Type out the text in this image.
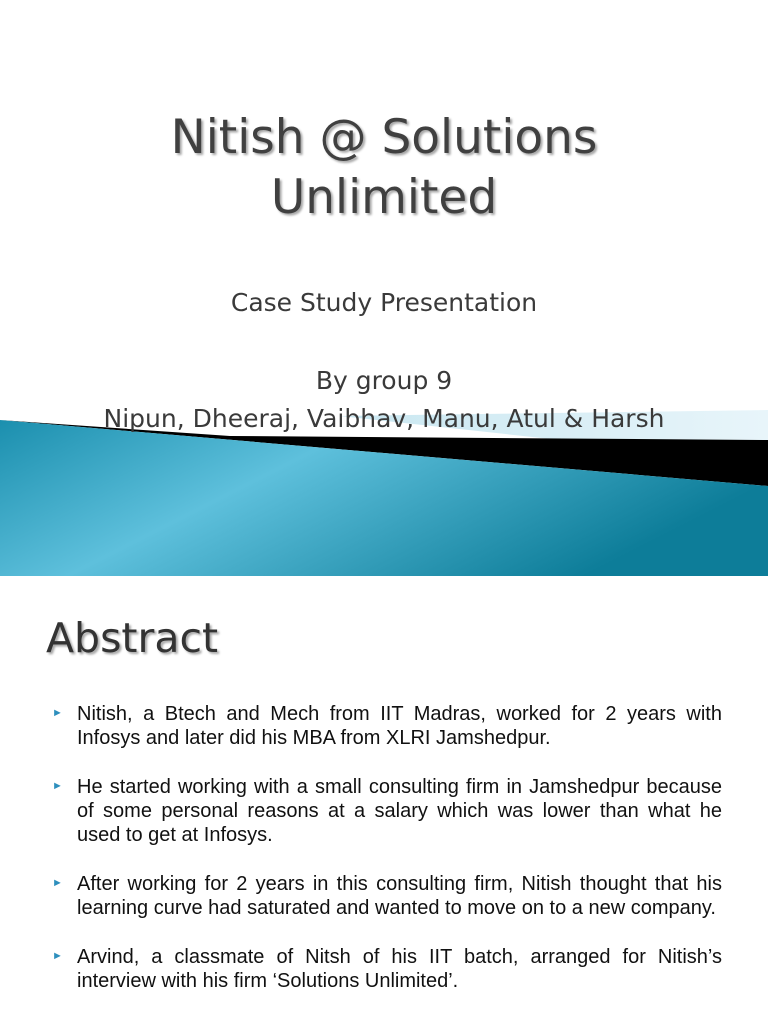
Nitish @ Solutions
Unlimited
Case Study Presentation
By group 9
Nipun, Dheeraj, Vaibhav, Manu, Atul & Harsh
Abstract
► Nitish, a Btech and Mech from IIT Madras, worked for 2 years with Infosys and later did his MBA from XLRI Jamshedpur.
► He started working with a small consulting firm in Jamshedpur because of some personal reasons at a salary which was lower than what he used to get at Infosys.
► After working for 2 years in this consulting firm, Nitish thought that his learning curve had saturated and wanted to move on to a new company.
► Arvind, a classmate of Nitsh of his IIT batch, arranged for Nitish’s interview with his firm ‘Solutions Unlimited’.
